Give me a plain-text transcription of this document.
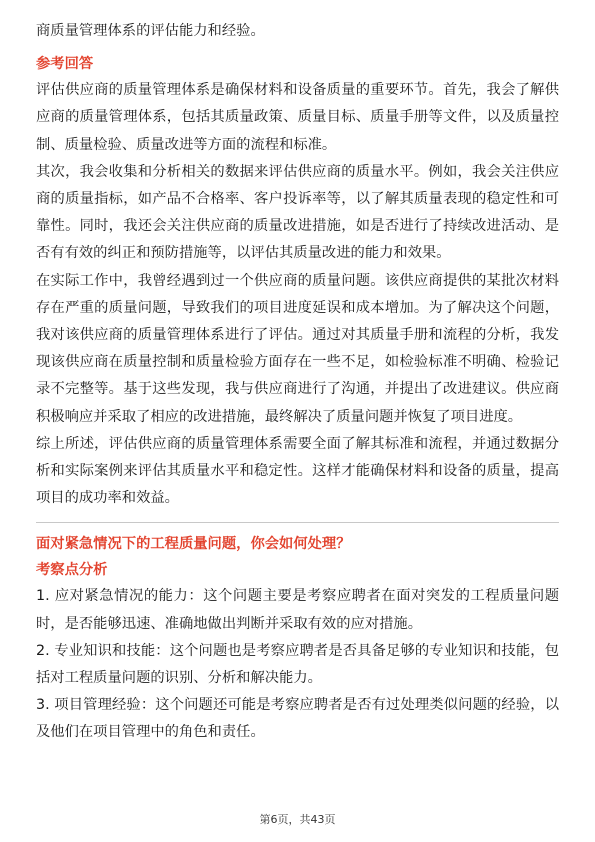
商质量管理体系的评估能力和经验。

参考回答

评估供应商的质量管理体系是确保材料和设备质量的重要环节。首先，我会了解供应商的质量管理体系，包括其质量政策、质量目标、质量手册等文件，以及质量控制、质量检验、质量改进等方面的流程和标准。

其次，我会收集和分析相关的数据来评估供应商的质量水平。例如，我会关注供应商的质量指标，如产品不合格率、客户投诉率等，以了解其质量表现的稳定性和可靠性。同时，我还会关注供应商的质量改进措施，如是否进行了持续改进活动、是否有有效的纠正和预防措施等，以评估其质量改进的能力和效果。

在实际工作中，我曾经遇到过一个供应商的质量问题。该供应商提供的某批次材料存在严重的质量问题，导致我们的项目进度延误和成本增加。为了解决这个问题，我对该供应商的质量管理体系进行了评估。通过对其质量手册和流程的分析，我发现该供应商在质量控制和质量检验方面存在一些不足，如检验标准不明确、检验记录不完整等。基于这些发现，我与供应商进行了沟通，并提出了改进建议。供应商积极响应并采取了相应的改进措施，最终解决了质量问题并恢复了项目进度。

综上所述，评估供应商的质量管理体系需要全面了解其标准和流程，并通过数据分析和实际案例来评估其质量水平和稳定性。这样才能确保材料和设备的质量，提高项目的成功率和效益。

面对紧急情况下的工程质量问题，你会如何处理？
考察点分析

1. 应对紧急情况的能力：这个问题主要是考察应聘者在面对突发的工程质量问题时，是否能够迅速、准确地做出判断并采取有效的应对措施。

2. 专业知识和技能：这个问题也是考察应聘者是否具备足够的专业知识和技能，包括对工程质量问题的识别、分析和解决能力。

3. 项目管理经验：这个问题还可能是考察应聘者是否有过处理类似问题的经验，以及他们在项目管理中的角色和责任。

第6页，共43页
